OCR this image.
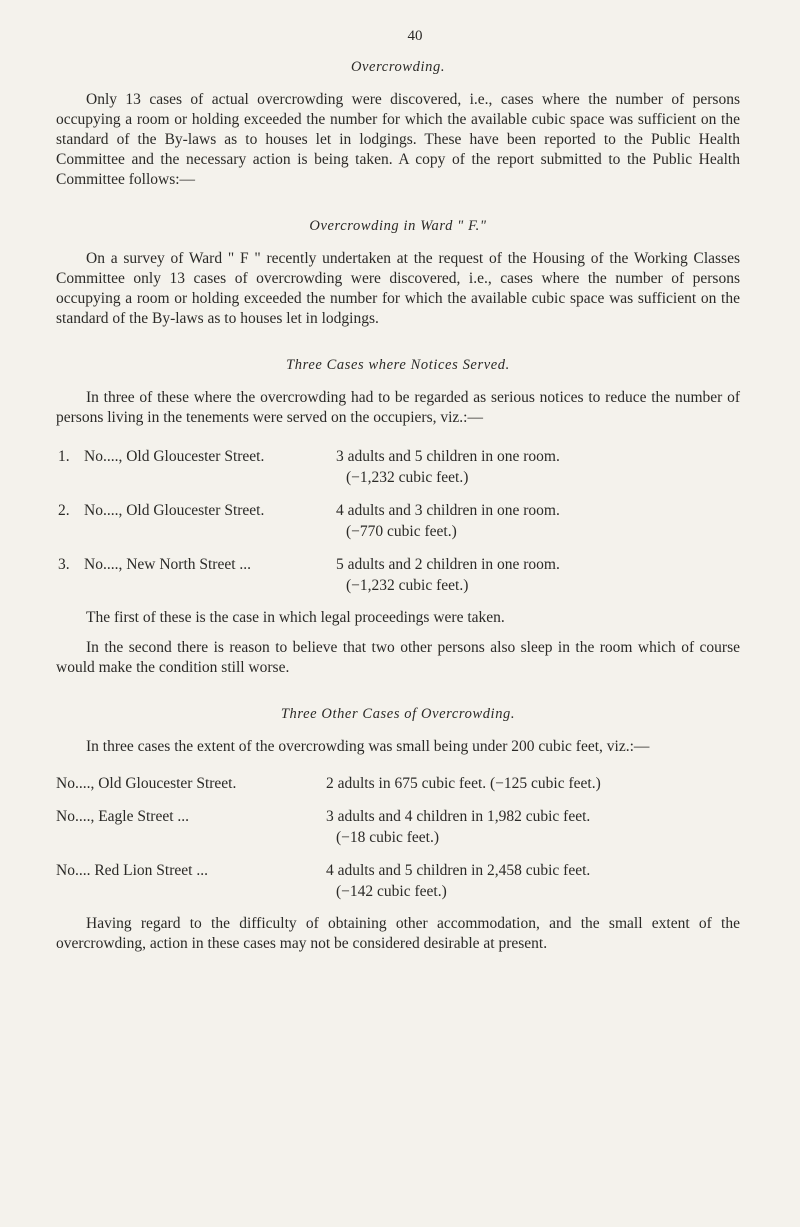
40
Overcrowding.

Only 13 cases of actual overcrowding were discovered, i.e., cases where the number of persons occupying a room or holding exceeded the number for which the available cubic space was sufficient on the standard of the By-laws as to houses let in lodgings. These have been reported to the Public Health Committee and the necessary action is being taken. A copy of the report submitted to the Public Health Committee follows:—

Overcrowding in Ward " F."

On a survey of Ward " F " recently undertaken at the request of the Housing of the Working Classes Committee only 13 cases of overcrowding were discovered, i.e., cases where the number of persons occupying a room or holding exceeded the number for which the available cubic space was sufficient on the standard of the By-laws as to houses let in lodgings.

Three Cases where Notices Served.

In three of these where the overcrowding had to be regarded as serious notices to reduce the number of persons living in the tenements were served on the occupiers, viz.:—

1. No...., Old Gloucester Street.	3 adults and 5 children in one room.
(−1,232 cubic feet.)
2. No...., Old Gloucester Street.	4 adults and 3 children in one room.
(−770 cubic feet.)
3. No...., New North Street ...	5 adults and 2 children in one room.
(−1,232 cubic feet.)

The first of these is the case in which legal proceedings were taken.

In the second there is reason to believe that two other persons also sleep in the room which of course would make the condition still worse.

Three Other Cases of Overcrowding.

In three cases the extent of the overcrowding was small being under 200 cubic feet, viz.:—

No...., Old Gloucester Street.	2 adults in 675 cubic feet. (−125 cubic feet.)
No...., Eagle Street ...	3 adults and 4 children in 1,982 cubic feet.
(−18 cubic feet.)
No.... Red Lion Street ...	4 adults and 5 children in 2,458 cubic feet.
(−142 cubic feet.)

Having regard to the difficulty of obtaining other accommodation, and the small extent of the overcrowding, action in these cases may not be considered desirable at present.
